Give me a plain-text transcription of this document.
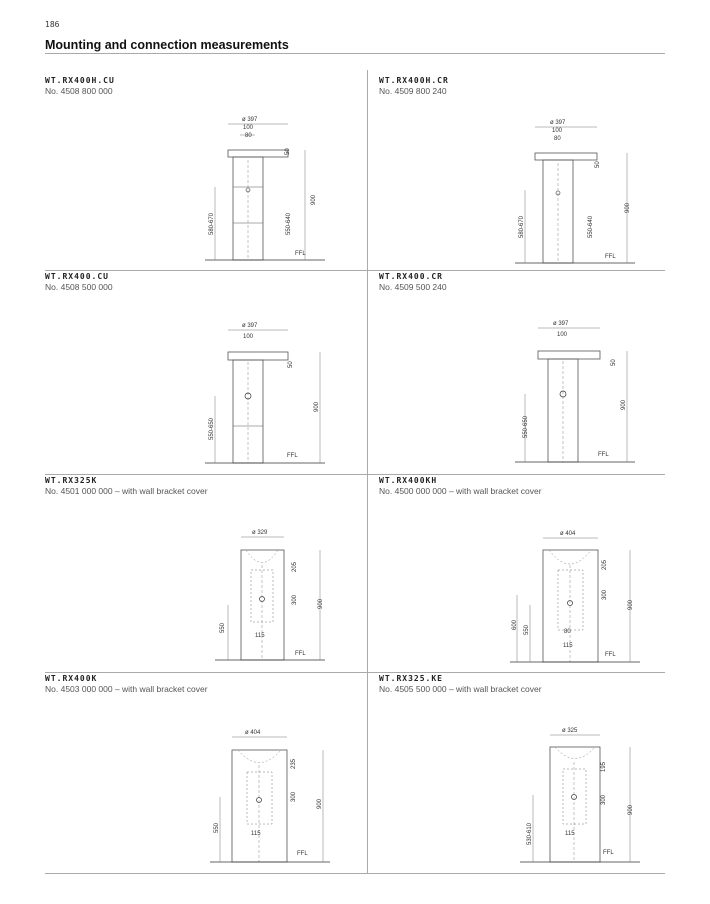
186
Mounting and connection measurements
WT.RX400H.CU
No. 4508 800 000
ø 397
100
80
50
900
580-670	550-640
FFL
WT.RX400H.CR
No. 4509 800 240
ø 397
100
80
50
900
580-670	550-640
FFL
WT.RX400.CU
No. 4508 500 000
ø 397
100
50
900
550-650
FFL
WT.RX400.CR
No. 4509 500 240
ø 397
100
50
900
550-650
FFL
WT.RX325K
No. 4501 000 000 – with wall bracket cover
ø 329
205
300	900
550
115
FFL
WT.RX400KH
No. 4500 000 000 – with wall bracket cover
ø 404
205
300
900
600 550	80
115
FFL
WT.RX400K
No. 4503 000 000 – with wall bracket cover
ø 404
235
300
900
550
115
FFL
WT.RX325.KE
No. 4505 500 000 – with wall bracket cover
ø 325
195
300
900
530-610	115
FFL
